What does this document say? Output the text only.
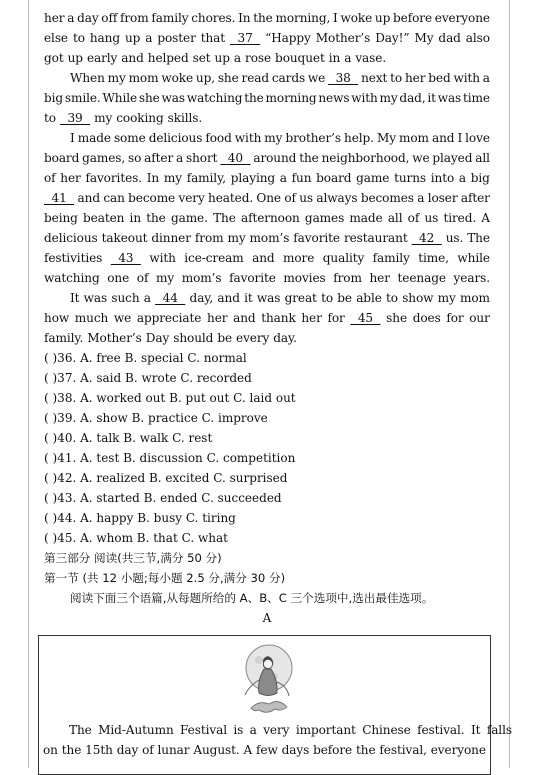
her a day off from family chores. In the morning, I woke up before everyone
else to hang up a poster that 37 “Happy Mother’s Day!” My dad also
got up early and helped set up a rose bouquet in a vase.
When my mom woke up, she read cards we 38 next to her bed with a
big smile. While she was watching the morning news with my dad, it was time
to 39 my cooking skills.
I made some delicious food with my brother’s help. My mom and I love
board games, so after a short 40 around the neighborhood, we played all
of her favorites. In my family, playing a fun board game turns into a big
41 and can become very heated. One of us always becomes a loser after
being beaten in the game. The afternoon games made all of us tired. A
delicious takeout dinner from my mom’s favorite restaurant 42 us. The
festivities 43 with ice-cream and more quality family time, while
watching one of my mom’s favorite movies from her teenage years.
It was such a 44 day, and it was great to be able to show my mom
how much we appreciate her and thank her for 45 she does for our
family. Mother’s Day should be every day.
( )36. A. free B. special C. normal
( )37. A. said B. wrote C. recorded
( )38. A. worked out B. put out C. laid out
( )39. A. show B. practice C. improve
( )40. A. talk B. walk C. rest
( )41. A. test B. discussion C. competition
( )42. A. realized B. excited C. surprised
( )43. A. started B. ended C. succeeded
( )44. A. happy B. busy C. tiring
( )45. A. whom B. that C. what
第三部分 阅读(共三节,满分 50 分)
第一节 (共 12 小题;每小题 2.5 分,满分 30 分)
阅读下面三个语篇,从每题所给的 A、B、C 三个选项中,选出最佳选项。
A
The Mid-Autumn Festival is a very important Chinese festival. It falls
on the 15th day of lunar August. A few days before the festival, everyone
